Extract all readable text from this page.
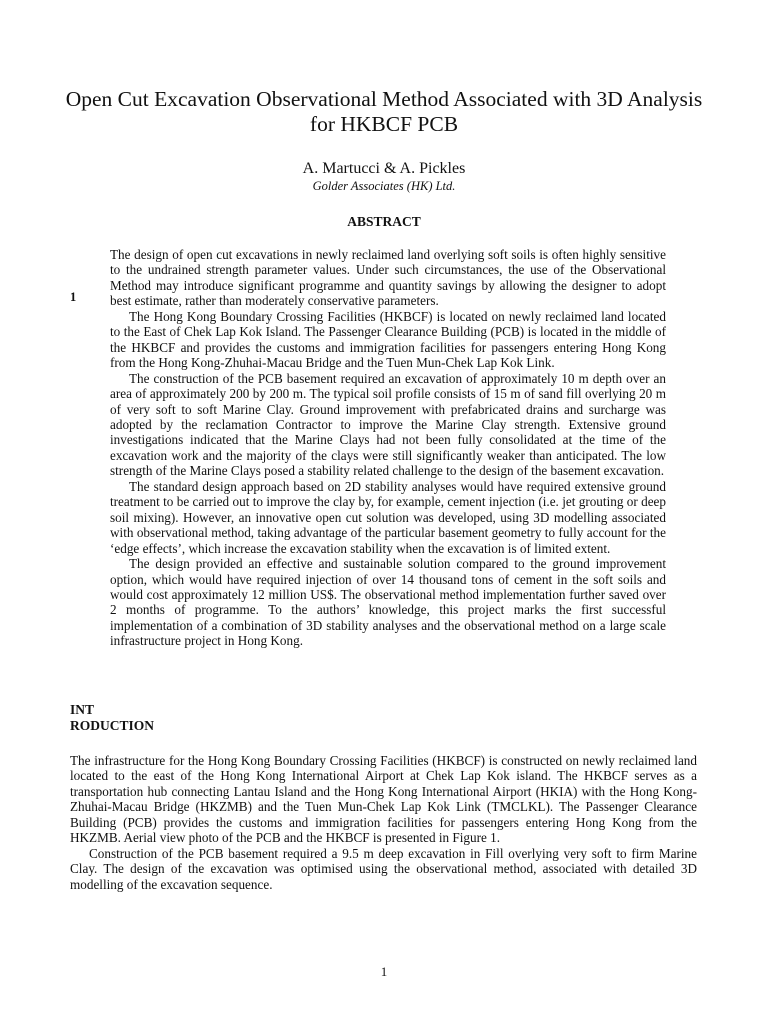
Open Cut Excavation Observational Method Associated with 3D Analysis for HKBCF PCB
A. Martucci & A. Pickles
Golder Associates (HK) Ltd.
ABSTRACT
1

The design of open cut excavations in newly reclaimed land overlying soft soils is often highly sensitive to the undrained strength parameter values. Under such circumstances, the use of the Observational Method may introduce significant programme and quantity savings by allowing the designer to adopt best estimate, rather than moderately conservative parameters.

The Hong Kong Boundary Crossing Facilities (HKBCF) is located on newly reclaimed land located to the East of Chek Lap Kok Island. The Passenger Clearance Building (PCB) is located in the middle of the HKBCF and provides the customs and immigration facilities for passengers entering Hong Kong from the Hong Kong-Zhuhai-Macau Bridge and the Tuen Mun-Chek Lap Kok Link.

The construction of the PCB basement required an excavation of approximately 10 m depth over an area of approximately 200 by 200 m. The typical soil profile consists of 15 m of sand fill overlying 20 m of very soft to soft Marine Clay. Ground improvement with prefabricated drains and surcharge was adopted by the reclamation Contractor to improve the Marine Clay strength. Extensive ground investigations indicated that the Marine Clays had not been fully consolidated at the time of the excavation work and the majority of the clays were still significantly weaker than anticipated. The low strength of the Marine Clays posed a stability related challenge to the design of the basement excavation.

The standard design approach based on 2D stability analyses would have required extensive ground treatment to be carried out to improve the clay by, for example, cement injection (i.e. jet grouting or deep soil mixing). However, an innovative open cut solution was developed, using 3D modelling associated with observational method, taking advantage of the particular basement geometry to fully account for the ‘edge effects’, which increase the excavation stability when the excavation is of limited extent.

The design provided an effective and sustainable solution compared to the ground improvement option, which would have required injection of over 14 thousand tons of cement in the soft soils and would cost approximately 12 million US$. The observational method implementation further saved over 2 months of programme. To the authors’ knowledge, this project marks the first successful implementation of a combination of 3D stability analyses and the observational method on a large scale infrastructure project in Hong Kong.

INT
RODUCTION

The infrastructure for the Hong Kong Boundary Crossing Facilities (HKBCF) is constructed on newly reclaimed land located to the east of the Hong Kong International Airport at Chek Lap Kok island. The HKBCF serves as a transportation hub connecting Lantau Island and the Hong Kong International Airport (HKIA) with the Hong Kong-Zhuhai-Macau Bridge (HKZMB) and the Tuen Mun-Chek Lap Kok Link (TMCLKL). The Passenger Clearance Building (PCB) provides the customs and immigration facilities for passengers entering Hong Kong from the HKZMB. Aerial view photo of the PCB and the HKBCF is presented in Figure 1.

Construction of the PCB basement required a 9.5 m deep excavation in Fill overlying very soft to firm Marine Clay. The design of the excavation was optimised using the observational method, associated with detailed 3D modelling of the excavation sequence.

1
